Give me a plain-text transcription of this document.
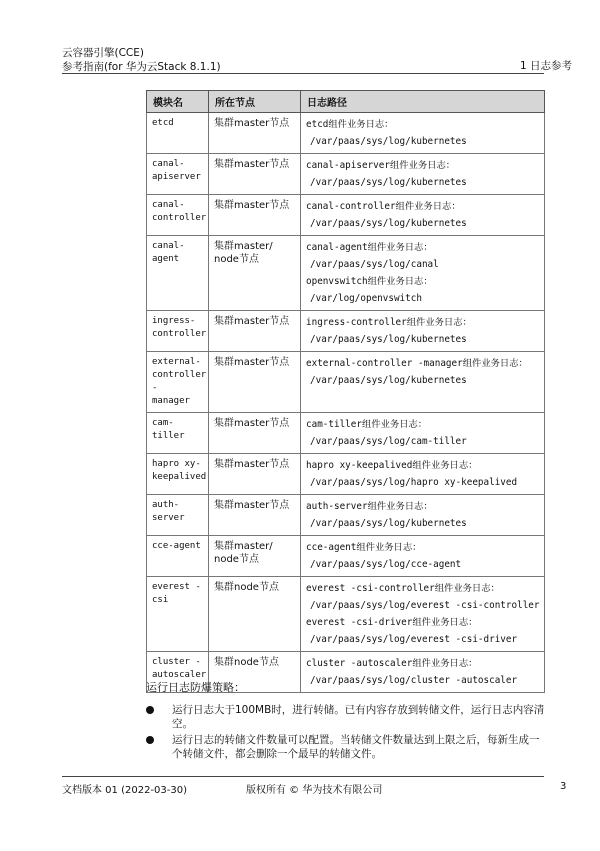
云容器引擎(CCE)
参考指南(for 华为云Stack 8.1.1)	1 日志参考
模块名	所在节点	日志路径
etcd	集群master节点	etcd组件业务日志：
/var/paas/sys/log/kubernetes

canal-
apiserver	集群master节点	canal-apiserver组件业务日志：
/var/paas/sys/log/kubernetes

canal-
controller	集群master节点	canal-controller组件业务日志：
/var/paas/sys/log/kubernetes

canal-
agent	集群master/
node节点	canal-agent组件业务日志：
/var/paas/sys/log/canal
openvswitch组件业务日志：
/var/log/openvswitch

ingress-
controller	集群master节点	ingress-controller组件业务日志：
/var/paas/sys/log/kubernetes

external-
controller -
manager	集群master节点	external-controller -manager组件业务日志：
/var/paas/sys/log/kubernetes

cam-tiller	集群master节点	cam-tiller组件业务日志：
/var/paas/sys/log/cam-tiller

hapro xy-
keepalived	集群master节点	hapro xy-keepalived组件业务日志：
/var/paas/sys/log/hapro xy-keepalived

auth-
server	集群master节点	auth-server组件业务日志：
/var/paas/sys/log/kubernetes

cce-agent	集群master/
node节点	cce-agent组件业务日志：
/var/paas/sys/log/cce-agent

everest -csi	集群node节点	everest -csi-controller组件业务日志：
/var/paas/sys/log/everest -csi-controller
everest -csi-driver组件业务日志：
/var/paas/sys/log/everest -csi-driver

cluster -
autoscaler	集群node节点	cluster -autoscaler组件业务日志：
/var/paas/sys/log/cluster -autoscaler
运行日志防爆策略：
运行日志大于100MB时，进行转储。已有内容存放到转储文件，运行日志内容清空。
运行日志的转储文件数量可以配置。当转储文件数量达到上限之后，每新生成一个转储文件，都会删除一个最早的转储文件。
文档版本 01 (2022-03-30)	版权所有 © 华为技术有限公司	3
